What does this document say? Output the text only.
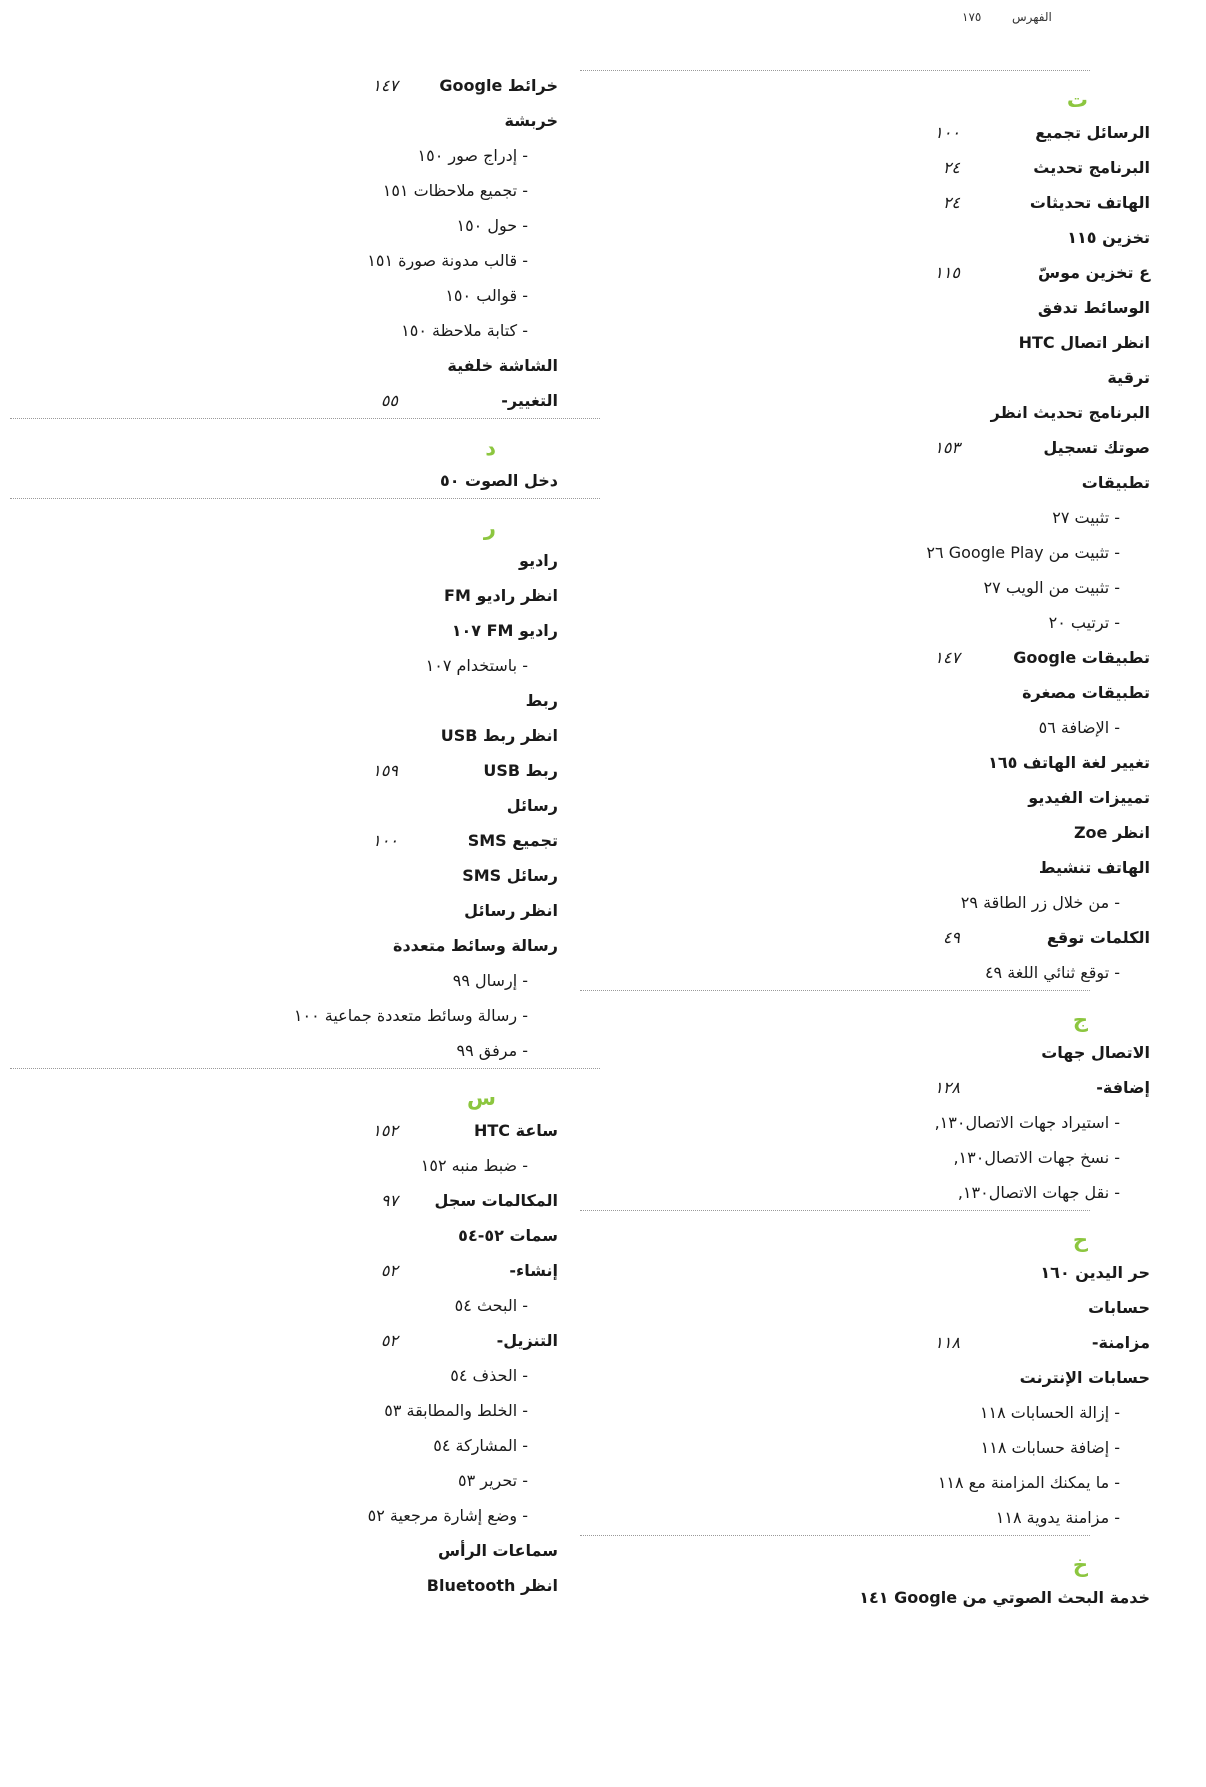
١٧٥	الفهرس
ت
الرسائل تجميع
١٠٠
البرنامج تحديث
٢٤
الهاتف تحديثات
٢٤
تخزين ١١٥
ع تخزين موسّ
١١٥
الوسائط تدفق
HTC انظر اتصال
ترقية
البرنامج تحديث انظر
صوتك تسجيل
١٥٣
تطبيقات
- تثبيت ٢٧
- تثبيت من Google Play ٢٦
- تثبيت من الويب ٢٧
- ترتيب ٢٠
تطبيقات Google
١٤٧
تطبيقات مصغرة
- الإضافة ٥٦
تغيير لغة الهاتف ١٦٥
تمييزات الفيديو
Zoe انظر
الهاتف تنشيط
- من خلال زر الطاقة ٢٩
الكلمات توقع
٤٩
- توقع ثنائي اللغة ٤٩
ج
الاتصال جهات
إضافة-
١٢٨
- استيراد جهات الاتصال١٣٠,
- نسخ جهات الاتصال١٣٠,
- نقل جهات الاتصال١٣٠,
ح
حر اليدين ١٦٠
حسابات
مزامنة-
١١٨
حسابات الإنترنت
- إزالة الحسابات ١١٨
- إضافة حسابات ١١٨
- ما يمكنك المزامنة مع ١١٨
- مزامنة يدوية ١١٨
خ
خدمة البحث الصوتي من Google ١٤١
Google خرائط
١٤٧
خربشة
- إدراج صور ١٥٠
- تجميع ملاحظات ١٥١
- حول ١٥٠
- قالب مدونة صورة ١٥١
- قوالب ١٥٠
- كتابة ملاحظة ١٥٠
الشاشة خلفية
التغيير-
٥٥
د
دخل الصوت ٥٠
ر
راديو
انظر راديو FM
راديو FM ١٠٧
- باستخدام ١٠٧
ربط
انظر ربط USB
ربط USB
١٥٩
رسائل
SMS تجميع
١٠٠
رسائل SMS
انظر رسائل
رسالة وسائط متعددة
- إرسال ٩٩
- رسالة وسائط متعددة جماعية ١٠٠
- مرفق ٩٩
س
HTC ساعة
١٥٢
- ضبط منبه ١٥٢
المكالمات سجل
٩٧
سمات ٥٢-٥٤
إنشاء-
٥٢
- البحث ٥٤
التنزيل-
٥٢
- الحذف ٥٤
- الخلط والمطابقة ٥٣
- المشاركة ٥٤
- تحرير ٥٣
- وضع إشارة مرجعية ٥٢
سماعات الرأس
Bluetooth انظر
